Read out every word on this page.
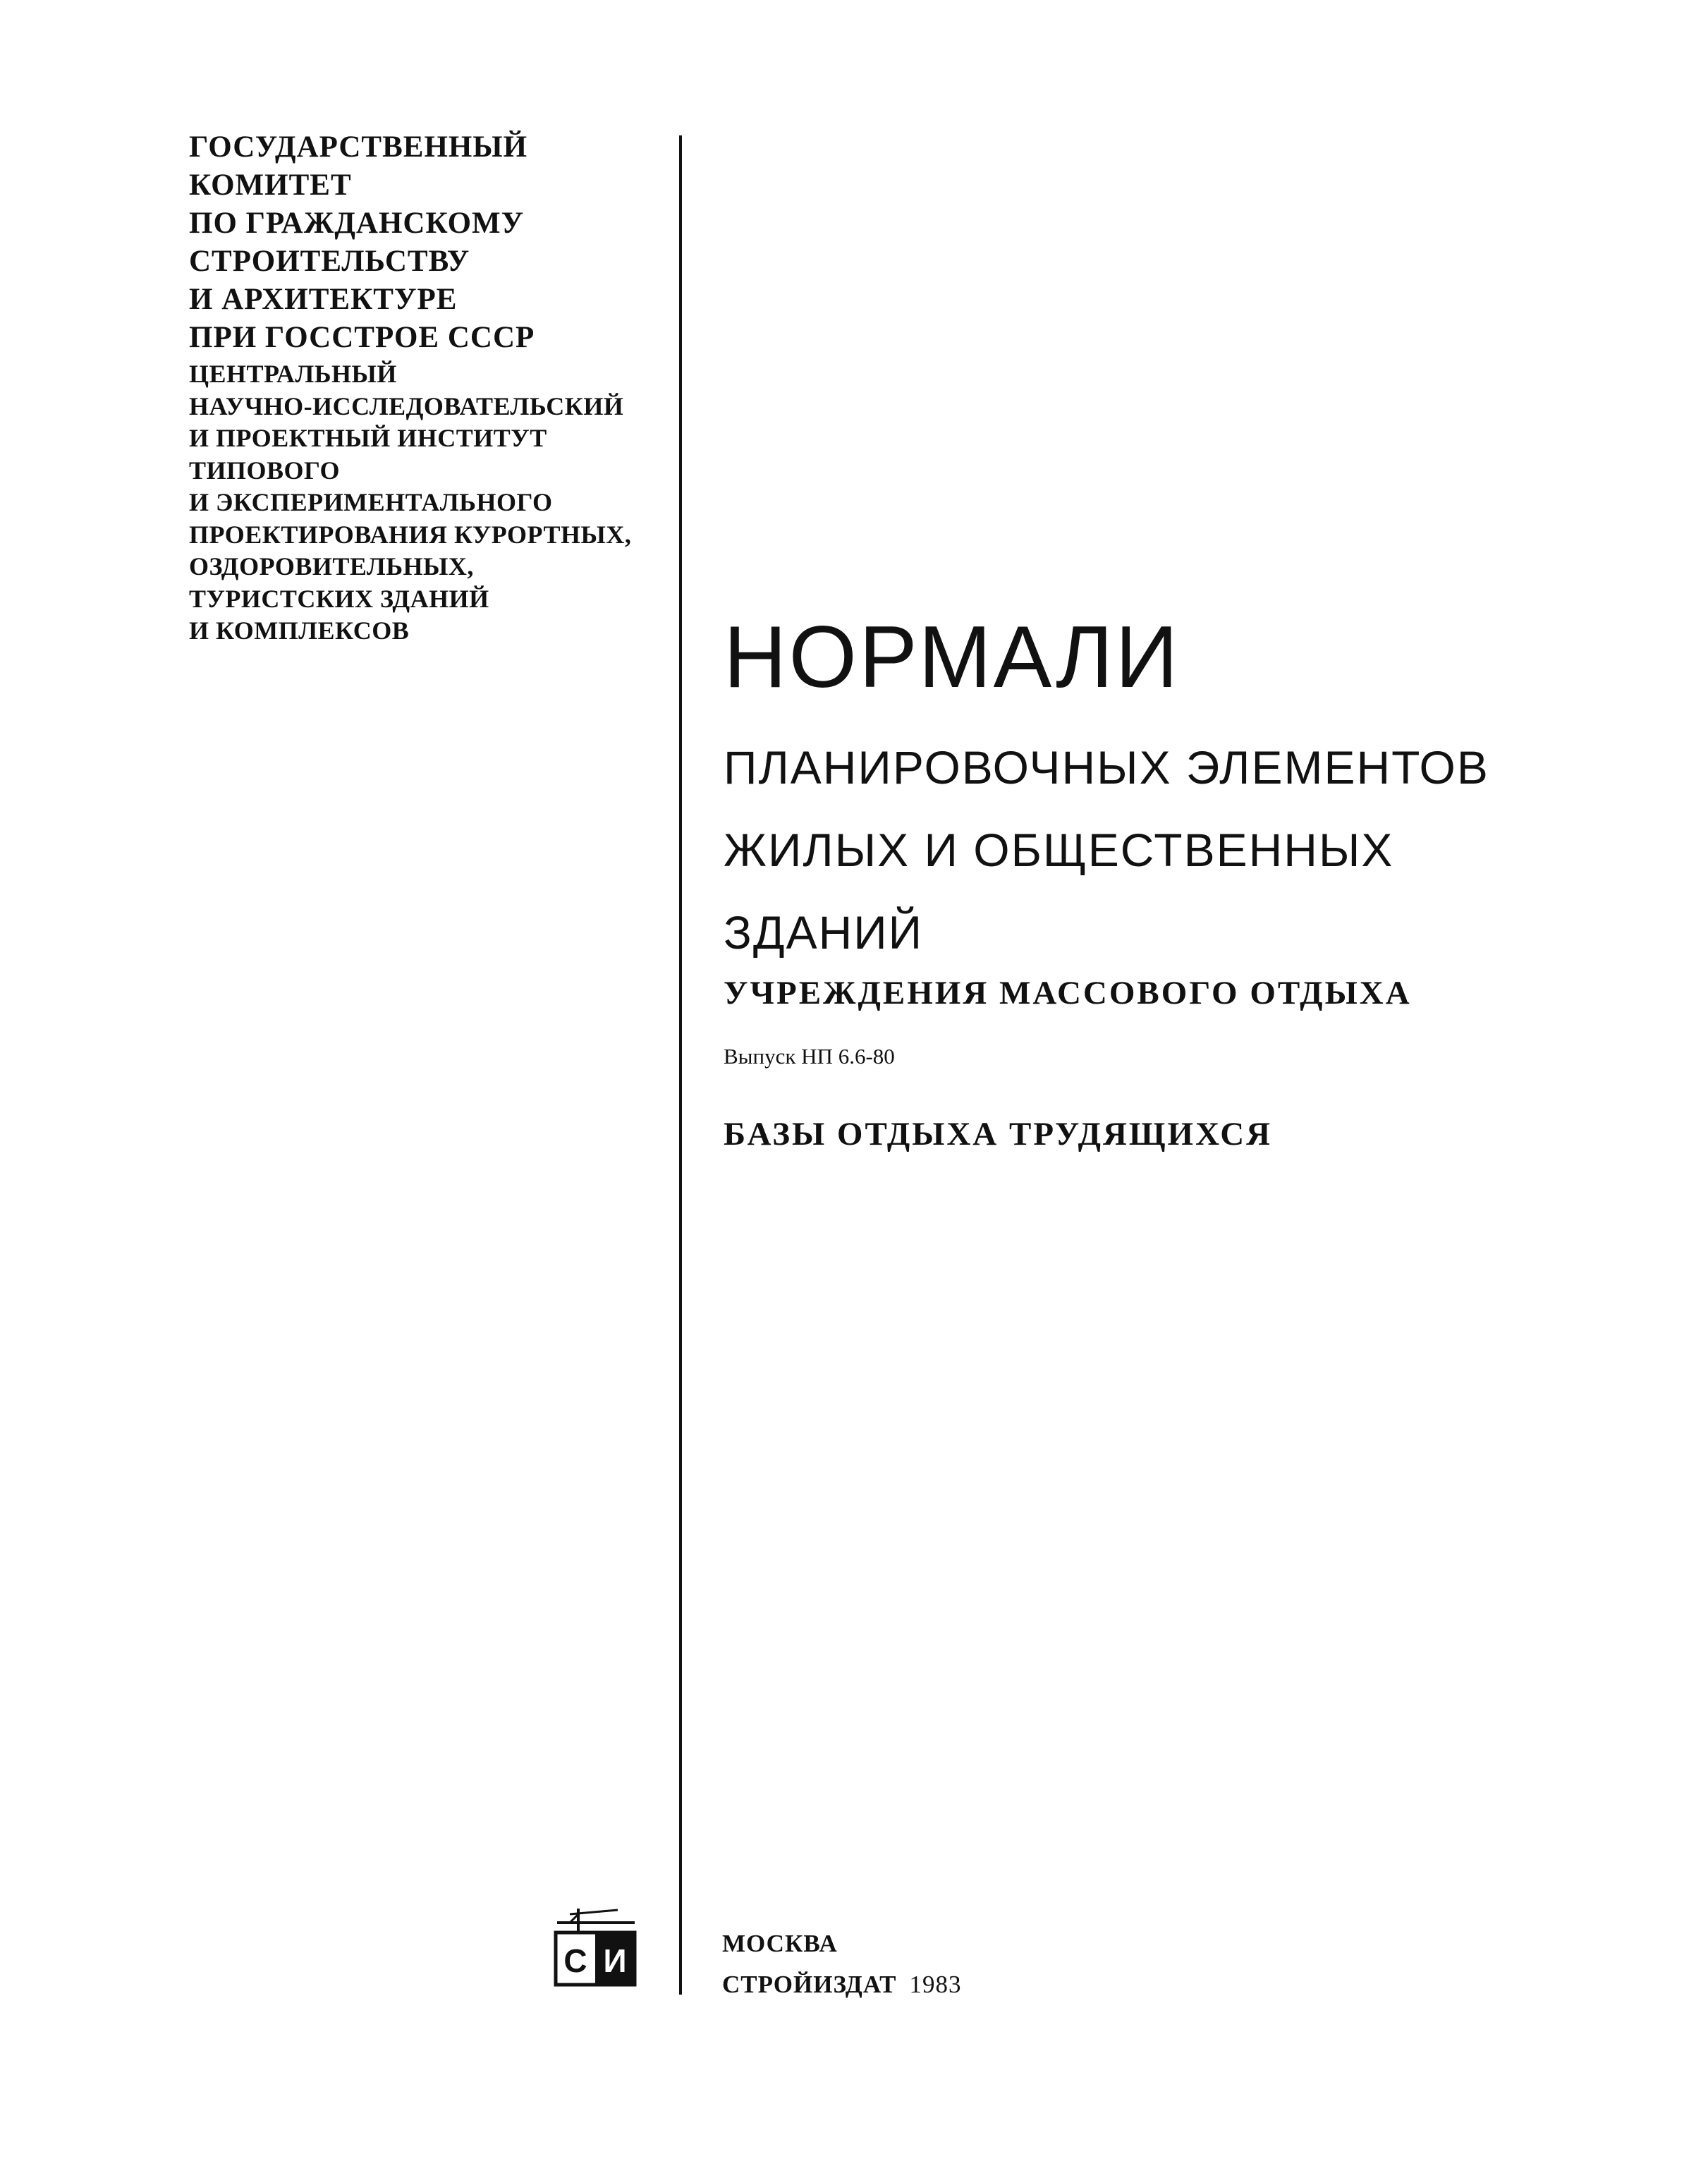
ГОСУДАРСТВЕННЫЙ
КОМИТЕТ
ПО ГРАЖДАНСКОМУ
СТРОИТЕЛЬСТВУ
И АРХИТЕКТУРЕ
ПРИ ГОССТРОЕ СССР
ЦЕНТРАЛЬНЫЙ
НАУЧНО-ИССЛЕДОВАТЕЛЬСКИЙ
И ПРОЕКТНЫЙ ИНСТИТУТ
ТИПОВОГО
И ЭКСПЕРИМЕНТАЛЬНОГО
ПРОЕКТИРОВАНИЯ КУРОРТНЫХ,
ОЗДОРОВИТЕЛЬНЫХ,
ТУРИСТСКИХ ЗДАНИЙ
И КОМПЛЕКСОВ	НОРМАЛИ
ПЛАНИРОВОЧНЫХ ЭЛЕМЕНТОВ
ЖИЛЫХ И ОБЩЕСТВЕННЫХ
ЗДАНИЙ
УЧРЕЖДЕНИЯ МАССОВОГО ОТДЫХА
Выпуск НП 6.6-80
БАЗЫ ОТДЫХА ТРУДЯЩИХСЯ
С И	МОСКВА
СТРОЙИЗДАТ 1983
